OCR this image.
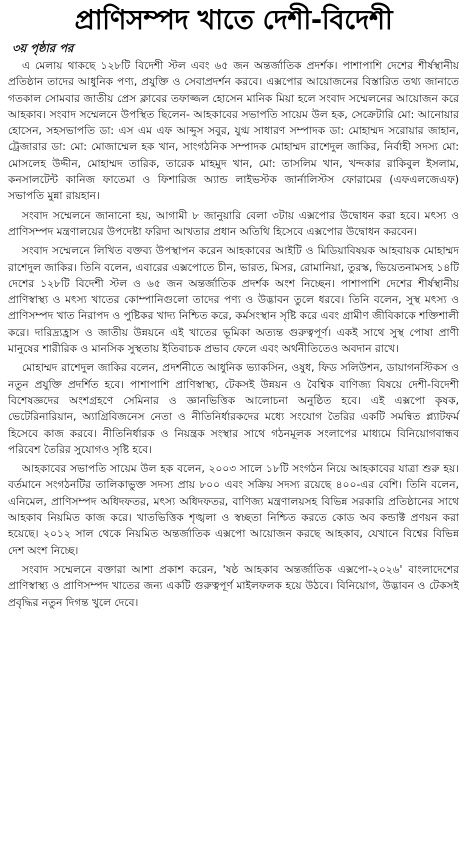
প্রাণিসম্পদ খাতে দেশী-বিদেশী
৩য় পৃষ্ঠার পর

এ মেলায় থাকছে ১২৮টি বিদেশী স্টল এবং ৬৫ জন অন্তর্জাতিক প্রদর্শক। পাশাপাশি দেশের শীর্ষস্থানীয় প্রতিষ্ঠান তাদের আধুনিক পণ্য, প্রযুক্তি ও সেবাপ্রদর্শন করবে। এক্সপোর আয়োজনের বিস্তারিত তথ্য জানাতে গতকাল সোমবার জাতীয় প্রেস ক্লাবের তফাজ্জল হোসেন মানিক মিয়া হলে সংবাদ সম্মেলনের আয়োজন করে আহকাব। সংবাদ সম্মেলনে উপস্থিত ছিলেন- আহকাবের সভাপতি সায়েম উল হক, সেক্রেটারি মো: আনোয়ার হোসেন, সহসভাপতি ডা: এস এম এফ আব্দুস সবুর, যুগ্ম সাধারণ সম্পাদক ডা: মোহাম্মদ সরোয়ার জাহান, ট্রেজারার ডা: মো: মোজাম্মেল হক খান, সাংগঠনিক সম্পাদক মোহাম্মদ রাশেদুল জাকির, নির্বাহী সদস্য মো: মোসলেহ উদ্দীন, মোহাম্মদ তারিক, তারেক মাহমুদ খান, মো: তাসলিম খান, খন্দকার রাকিবুল ইসলাম, কনসালটেন্ট কানিজ ফাতেমা ও ফিশারিজ অ্যান্ড লাইভস্টক জার্নালিস্টস ফোরামের (এফএলজেএফ) সভাপতি মুন্না রায়হান।

সংবাদ সম্মেলনে জানানো হয়, আগামী ৮ জানুয়ারি বেলা ৩টায় এক্সপোর উদ্বোধন করা হবে। মৎস্য ও প্রাণিসম্পদ মন্ত্রণালয়ের উপদেষ্টা ফরিদা আখতার প্রধান অতিথি হিসেবে এক্সপোর উদ্বোধন করবেন।

সংবাদ সম্মেলনে লিখিত বক্তব্য উপস্থাপন করেন আহকাবের আইটি ও মিডিয়াবিষয়ক আহবায়ক মোহাম্মদ রাশেদুল জাকির। তিনি বলেন, এবারের এক্সপোতে চীন, ভারত, মিসর, রোমানিয়া, তুরস্ক, ভিয়েতনামসহ ১৪টি দেশের ১২৮টি বিদেশী স্টল ও ৬৫ জন অন্তর্জাতিক প্রদর্শক অংশ নিচ্ছেন। পাশাপাশি দেশের শীর্ষস্থানীয় প্রাণিস্বাস্থ্য ও মৎস্য খাতের কোম্পানিগুলো তাদের পণ্য ও উদ্ভাবন তুলে ধরবে। তিনি বলেন, সুস্থ মৎস্য ও প্রাণিসম্পদ খাত নিরাপদ ও পুষ্টিকর খাদ্য নিশ্চিত করে, কর্মসংস্থান সৃষ্টি করে এবং গ্রামীণ জীবিকাকে শক্তিশালী করে। দারিদ্র্যহ্রাস ও জাতীয় উন্নয়নে এই খাতের ভূমিকা অত্যন্ত গুরুত্বপূর্ণ। একই সাথে সুস্থ পোষা প্রাণী মানুষের শারীরিক ও মানসিক সুস্থতায় ইতিবাচক প্রভাব ফেলে এবং অর্থনীতিতেও অবদান রাখে।

মোহাম্মদ রাশেদুল জাকির বলেন, প্রদর্শনীতে আধুনিক ভ্যাকসিন, ওষুধ, ফিড সলিউশন, ডায়াগনস্টিকস ও নতুন প্রযুক্তি প্রদর্শিত হবে। পাশাপাশি প্রাণিস্বাস্থ্য, টেকসই উন্নয়ন ও বৈশ্বিক বাণিজ্য বিষয়ে দেশী-বিদেশী বিশেষজ্ঞদের অংশগ্রহণে সেমিনার ও জ্ঞানভিত্তিক আলোচনা অনুষ্ঠিত হবে। এই এক্সপো কৃষক, ভেটেরিনারিয়ান, অ্যাগ্রিবিজনেস নেতা ও নীতিনির্ধারকদের মধ্যে সংযোগ তৈরির একটি সমন্বিত প্ল্যাটফর্ম হিসেবে কাজ করবে। নীতিনির্ধারক ও নিয়ন্ত্রক সংস্থার সাথে গঠনমূলক সংলাপের মাধ্যমে বিনিয়োগবান্ধব পরিবেশ তৈরির সুযোগও সৃষ্টি হবে।

আহকাবের সভাপতি সায়েম উল হক বলেন, ২০০৩ সালে ১৮টি সংগঠন নিয়ে আহকাবের যাত্রা শুরু হয়। বর্তমানে সংগঠনটির তালিকাভুক্ত সদস্য প্রায় ৮০০ এবং সক্রিয় সদস্য রয়েছে ৪০০-এর বেশি। তিনি বলেন, এনিমেল, প্রাণিসম্পদ অধিদফতর, মৎস্য অধিদফতর, বাণিজ্য মন্ত্রণালয়সহ বিভিন্ন সরকারি প্রতিষ্ঠানের সাথে আহকাব নিয়মিত কাজ করে। খাতভিত্তিক শৃঙ্খলা ও স্বচ্ছতা নিশ্চিত করতে কোড অব কন্ডাক্ট প্রণয়ন করা হয়েছে। ২০১২ সাল থেকে নিয়মিত অন্তর্জাতিক এক্সপো আয়োজন করছে আহকাব, যেখানে বিশ্বের বিভিন্ন দেশ অংশ নিচ্ছে।

সংবাদ সম্মেলনে বক্তারা আশা প্রকাশ করেন, 'ষষ্ঠ আহকাব অন্তর্জাতিক এক্সপো-২০২৬' বাংলাদেশের প্রাণিস্বাস্থ্য ও প্রাণিসম্পদ খাতের জন্য একটি গুরুত্বপূর্ণ মাইলফলক হয়ে উঠবে। বিনিয়োগ, উদ্ভাবন ও টেকসই প্রবৃদ্ধির নতুন দিগন্ত খুলে দেবে।
